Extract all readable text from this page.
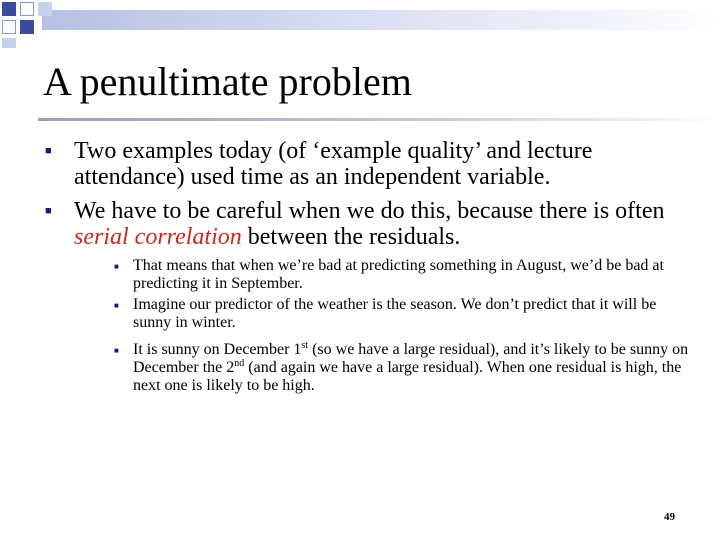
A penultimate problem
■ Two examples today (of ‘example quality’ and lecture attendance) used time as an independent variable.
■ We have to be careful when we do this, because there is often serial correlation between the residuals.
■ That means that when we’re bad at predicting something in August, we’d be bad at predicting it in September.
■ Imagine our predictor of the weather is the season. We don’t predict that it will be sunny in winter.
■ It is sunny on December 1st (so we have a large residual), and it’s likely to be sunny on December the 2nd (and again we have a large residual). When one residual is high, the next one is likely to be high.
49
